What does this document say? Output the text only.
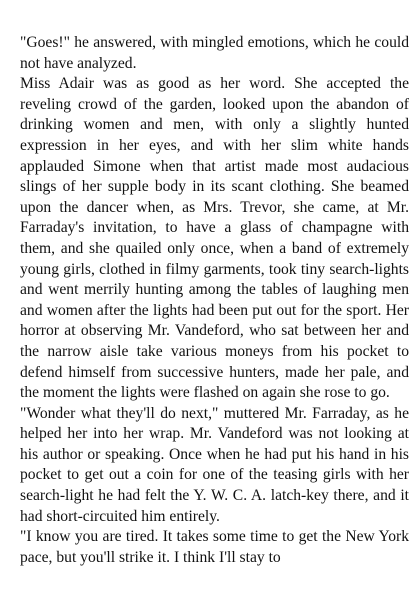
"Goes!" he answered, with mingled emotions, which he could not have analyzed.

Miss Adair was as good as her word. She accepted the reveling crowd of the garden, looked upon the abandon of drinking women and men, with only a slightly hunted expression in her eyes, and with her slim white hands applauded Simone when that artist made most audacious slings of her supple body in its scant clothing. She beamed upon the dancer when, as Mrs. Trevor, she came, at Mr. Farraday's invitation, to have a glass of champagne with them, and she quailed only once, when a band of extremely young girls, clothed in filmy garments, took tiny search-lights and went merrily hunting among the tables of laughing men and women after the lights had been put out for the sport. Her horror at observing Mr. Vandeford, who sat between her and the narrow aisle take various moneys from his pocket to defend himself from successive hunters, made her pale, and the moment the lights were flashed on again she rose to go.

"Wonder what they'll do next," muttered Mr. Farraday, as he helped her into her wrap. Mr. Vandeford was not looking at his author or speaking. Once when he had put his hand in his pocket to get out a coin for one of the teasing girls with her search-light he had felt the Y. W. C. A. latch-key there, and it had short-circuited him entirely.

"I know you are tired. It takes some time to get the New York pace, but you'll strike it. I think I'll stay to
